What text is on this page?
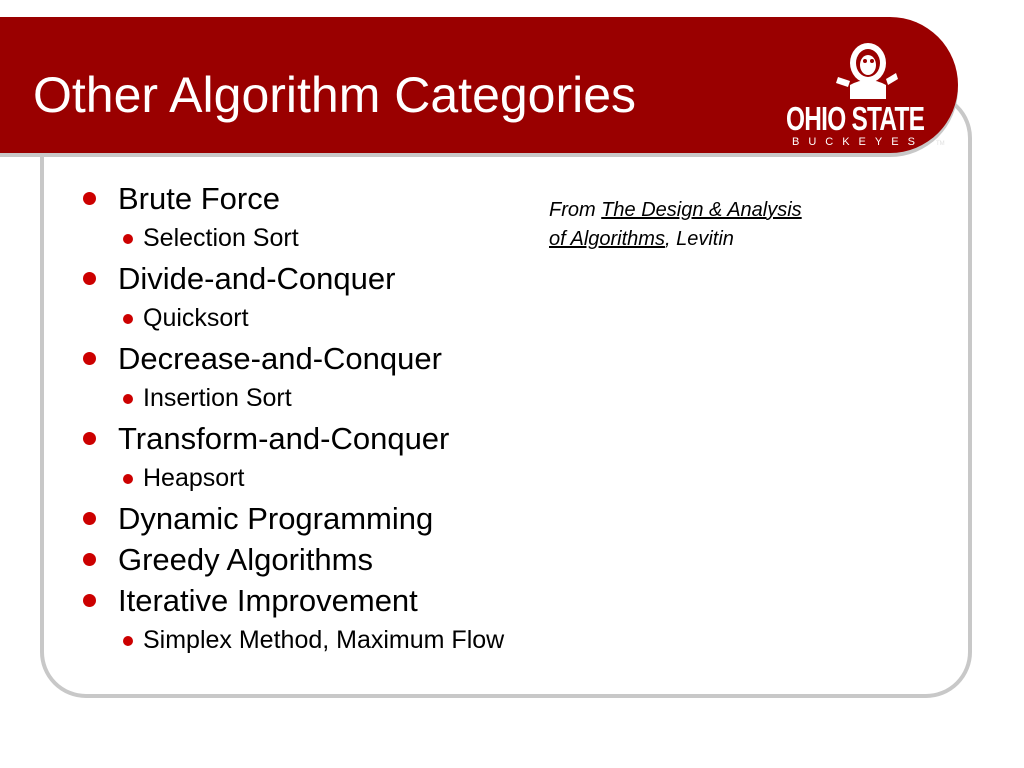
Other Algorithm Categories	OHIO STATE
BUCKEYES TM
Brute Force
Selection Sort
Divide-and-Conquer
Quicksort
Decrease-and-Conquer
Insertion Sort
Transform-and-Conquer
Heapsort
Dynamic Programming
Greedy Algorithms
Iterative Improvement
Simplex Method, Maximum Flow
From The Design & Analysis
of Algorithms, Levitin
